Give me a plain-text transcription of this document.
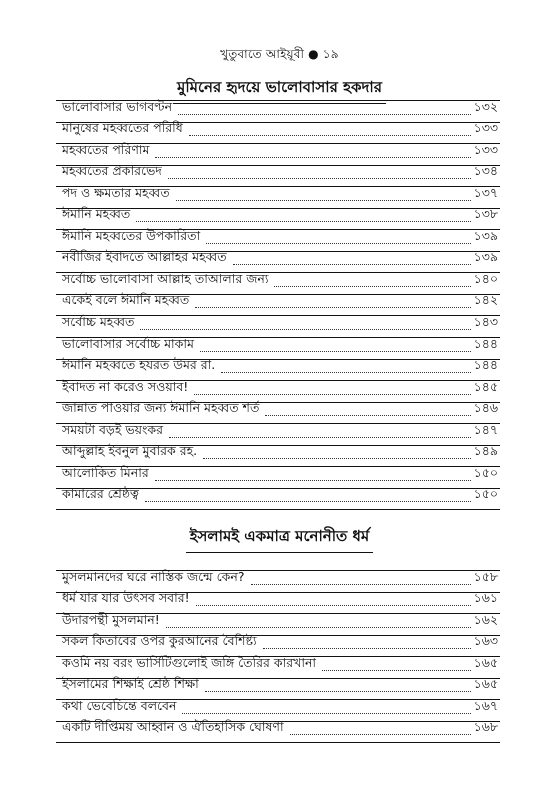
খুতুবাতে আইয়ূবী ● ১৯
মুমিনের হৃদয়ে ভালোবাসার হকদার
ভালোবাসার ভাগবণ্টন	১৩২
মানুষের মহব্বতের পরিধি	১৩৩
মহব্বতের পরিণাম	১৩৩
মহব্বতের প্রকারভেদ	১৩৪
পদ ও ক্ষমতার মহব্বত	১৩৭
ঈমানি মহব্বত	১৩৮
ঈমানি মহব্বতের উপকারিতা	১৩৯
নবীজির ইবাদতে আল্লাহর মহব্বত	১৩৯
সর্বোচ্চ ভালোবাসা আল্লাহ তাআলার জন্য	১৪০
একেই বলে ঈমানি মহব্বত	১৪২
সর্বোচ্চ মহব্বত	১৪৩
ভালোবাসার সর্বোচ্চ মাকাম	১৪৪
ঈমানি মহব্বতে হযরত উমর রা.	১৪৪
ইবাদত না করেও সওয়াব!	১৪৫
জান্নাত পাওয়ার জন্য ঈমানি মহব্বত শর্ত	১৪৬
সময়টা বড়ই ভয়ংকর	১৪৭
আব্দুল্লাহ ইবনুল মুবারক রহ.	১৪৯
আলোকিত মিনার	১৫০
কামারের শ্রেষ্ঠত্ব	১৫০
ইসলামই একমাত্র মনোনীত ধর্ম
মুসলমানদের ঘরে নাস্তিক জন্মে কেন?	১৫৮
ধর্ম যার যার উৎসব সবার!	১৬১
উদারপন্থী মুসলমান!	১৬২
সকল কিতাবের ওপর কুরআনের বৈশিষ্ট্য	১৬৩
কওমি নয় বরং ভার্সিটিগুলোই জঙ্গি তৈরির কারখানা	১৬৫
ইসলামের শিক্ষাই শ্রেষ্ঠ শিক্ষা	১৬৫
কথা ভেবেচিন্তে বলবেন	১৬৭
একটি দীপ্তিময় আহ্বান ও ঐতিহাসিক ঘোষণা	১৬৮
